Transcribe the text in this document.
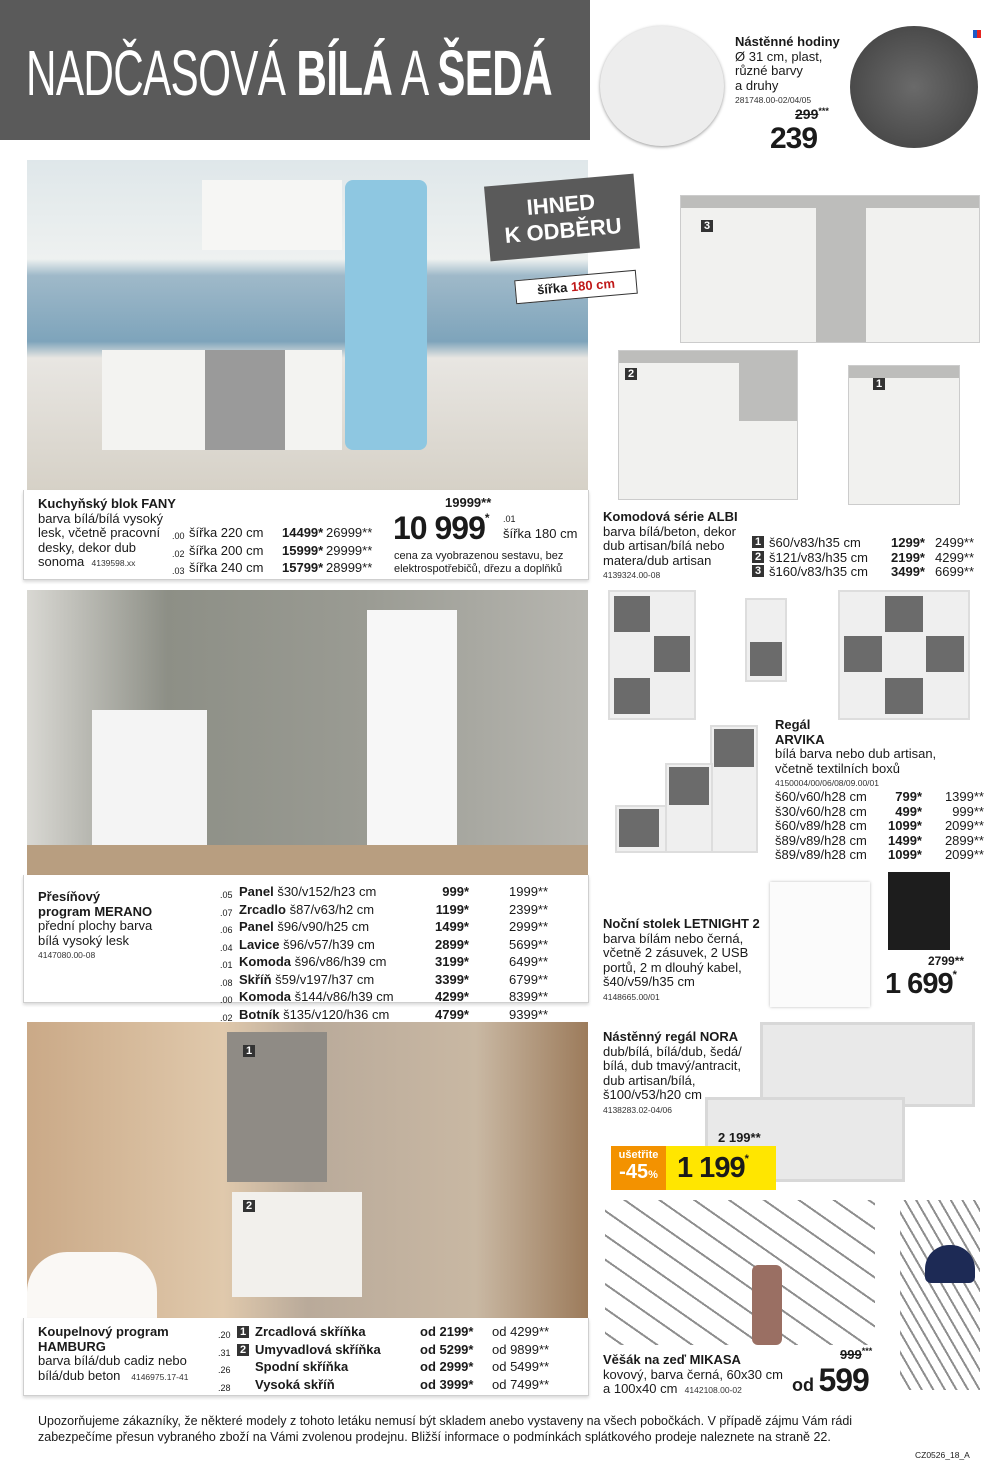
NADČASOVÁ BÍLÁ A ŠEDÁ	Nástěnné hodiny
Ø 31 cm, plast,
různé barvy
a druhy
281748.00-02/04/05
299***
239
IHNED
K ODBĚRU
šířka 180 cm
Kuchyňský blok FANY
barva bílá/bílá vysoký
lesk, včetně pracovní
desky, dekor dub
sonoma 4139598.xx
.00 šířka 220 cm	14499* 26999**
.02 šířka 200 cm	15999* 29999**
.03 šířka 240 cm	15799* 28999**
19999**
10 999* .01
šířka 180 cm
cena za vyobrazenou sestavu, bez
elektrospotřebičů, dřezu a doplňků
3
2
1
Komodová série ALBI
barva bílá/beton, dekor
dub artisan/bílá nebo
matera/dub artisan
4139324.00-08
1 š60/v83/h35 cm	1299* 2499**
2 š121/v83/h35 cm	2199* 4299**
3 š160/v83/h35 cm	3499* 6699**
Přesíňový
program MERANO
přední plochy barva
bílá vysoký lesk
4147080.00-08
.05 Panel š30/v152/h23 cm	999*	1999**
.07 Zrcadlo š87/v63/h2 cm	1199*	2399**
.06 Panel š96/v90/h25 cm	1499*	2999**
.04 Lavice š96/v57/h39 cm	2899*	5699**
.01 Komoda š96/v86/h39 cm	3199*	6499**
.08 Skříň š59/v197/h37 cm	3399*	6799**
.00 Komoda š144/v86/h39 cm	4299*	8399**
.02 Botník š135/v120/h36 cm	4799*	9399**
Regál
ARVIKA
bílá barva nebo dub artisan,
včetně textilních boxů
4150004/00/06/08/09.00/01
š60/v60/h28 cm	799*	1399**
š30/v60/h28 cm	499*	999**
š60/v89/h28 cm	1099*	2099**
š89/v89/h28 cm	1499*	2899**
š89/v89/h28 cm	1099*	2099**
Noční stolek LETNIGHT 2
barva bílám nebo černá,
včetně 2 zásuvek, 2 USB
portů, 2 m dlouhý kabel,
š40/v59/h35 cm
4148665.00/01
2799**
1 699*
Nástěnný regál NORA
dub/bílá, bílá/dub, šedá/
bílá, dub tmavý/antracit,
dub artisan/bílá,
š100/v53/h20 cm
4138283.02-04/06
ušetřite
-45%
2 199**
1 199*
1
2
Koupelnový program
HAMBURG
barva bílá/dub cadiz nebo
bílá/dub beton 4146975.17-41
.20 1 Zrcadlová skříňka	od 2199*	od 4299**
.31 2 Umyvadlová skříňka	od 5299*	od 9899**
.26	Spodní skříňka	od 2999*	od 5499**
.28	Vysoká skříň	od 3999*	od 7499**
Věšák na zeď MIKASA
kovový, barva černá, 60x30 cm
a 100x40 cm 4142108.00-02
999***
od 599
Upozorňujeme zákazníky, že některé modely z tohoto letáku nemusí být skladem anebo vystaveny na všech pobočkách. V případě zájmu Vám rádi
zabezpečíme přesun vybraného zboží na Vámi zvolenou prodejnu. Bližší informace o podmínkách splátkového prodeje naleznete na straně 22.
CZ0526_18_A
